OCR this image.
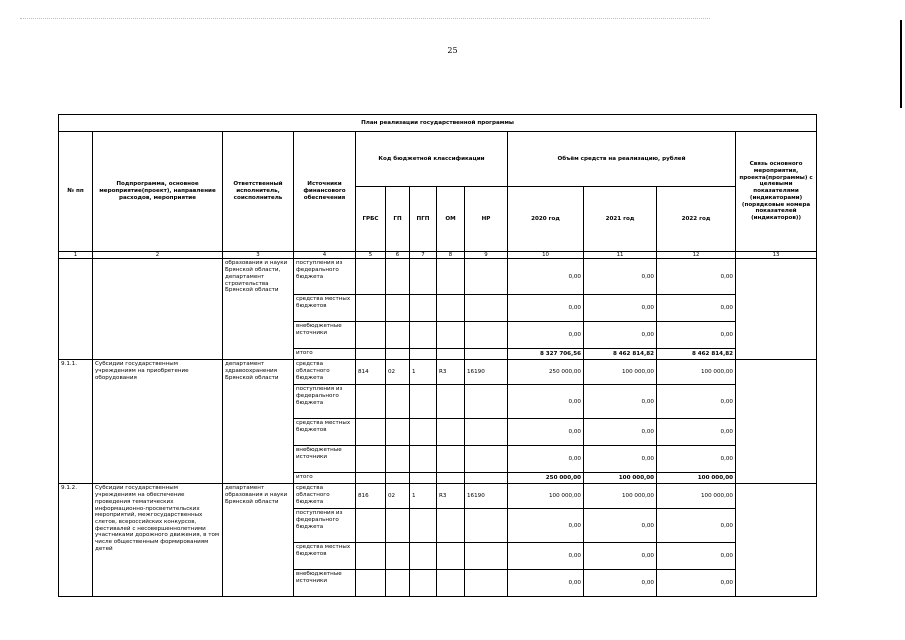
25
План реализации государственной программы												
№ пп	Подпрограмма, основное мероприятие(проект), направление расходов, мероприятие	Ответственный исполнитель, соисполнитель	Источники финансового обеспечения	Код бюджетной классификации					Объём средств на реализацию, рублей			Связь основного мероприятия, проекта(программы) с целевыми показателями (индикаторами) (порядковые номера показателей (индикаторов))
				ГРБС	ГП	ПГП	ОМ	НР	2020 год	2021 год	2022 год	
1	2	3	4	5	6	7	8	9	10	11	12	13
		образования и науки Брянской области, департамент строительства Брянской области	поступления из федерального бюджета						0,00	0,00	0,00	
			средства местных бюджетов						0,00	0,00	0,00	
			внебюджетные источники						0,00	0,00	0,00	
			итого						8 327 706,56	8 462 814,82	8 462 814,82	
9.1.1.	Субсидии государственным учреждениям на приобретение оборудования	департамент здравоохранения Брянской области	средства областного бюджета	814	02	1	R3	16190	250 000,00	100 000,00	100 000,00	
			поступления из федерального бюджета						0,00	0,00	0,00	
			средства местных бюджетов						0,00	0,00	0,00	
			внебюджетные источники						0,00	0,00	0,00	
			итого						250 000,00	100 000,00	100 000,00	
9.1.2.	Субсидии государственным учреждениям на обеспечение проведения тематических информационно-просветительских мероприятий, межгосударственных слетов, всероссийских конкурсов, фестивалей с несовершеннолетними участниками дорожного движения, в том числе общественным формированиям детей	департамент образования и науки Брянской области	средства областного бюджета	816	02	1	R3	16190	100 000,00	100 000,00	100 000,00	
			поступления из федерального бюджета						0,00	0,00	0,00	
			средства местных бюджетов						0,00	0,00	0,00	
			внебюджетные источники						0,00	0,00	0,00	
